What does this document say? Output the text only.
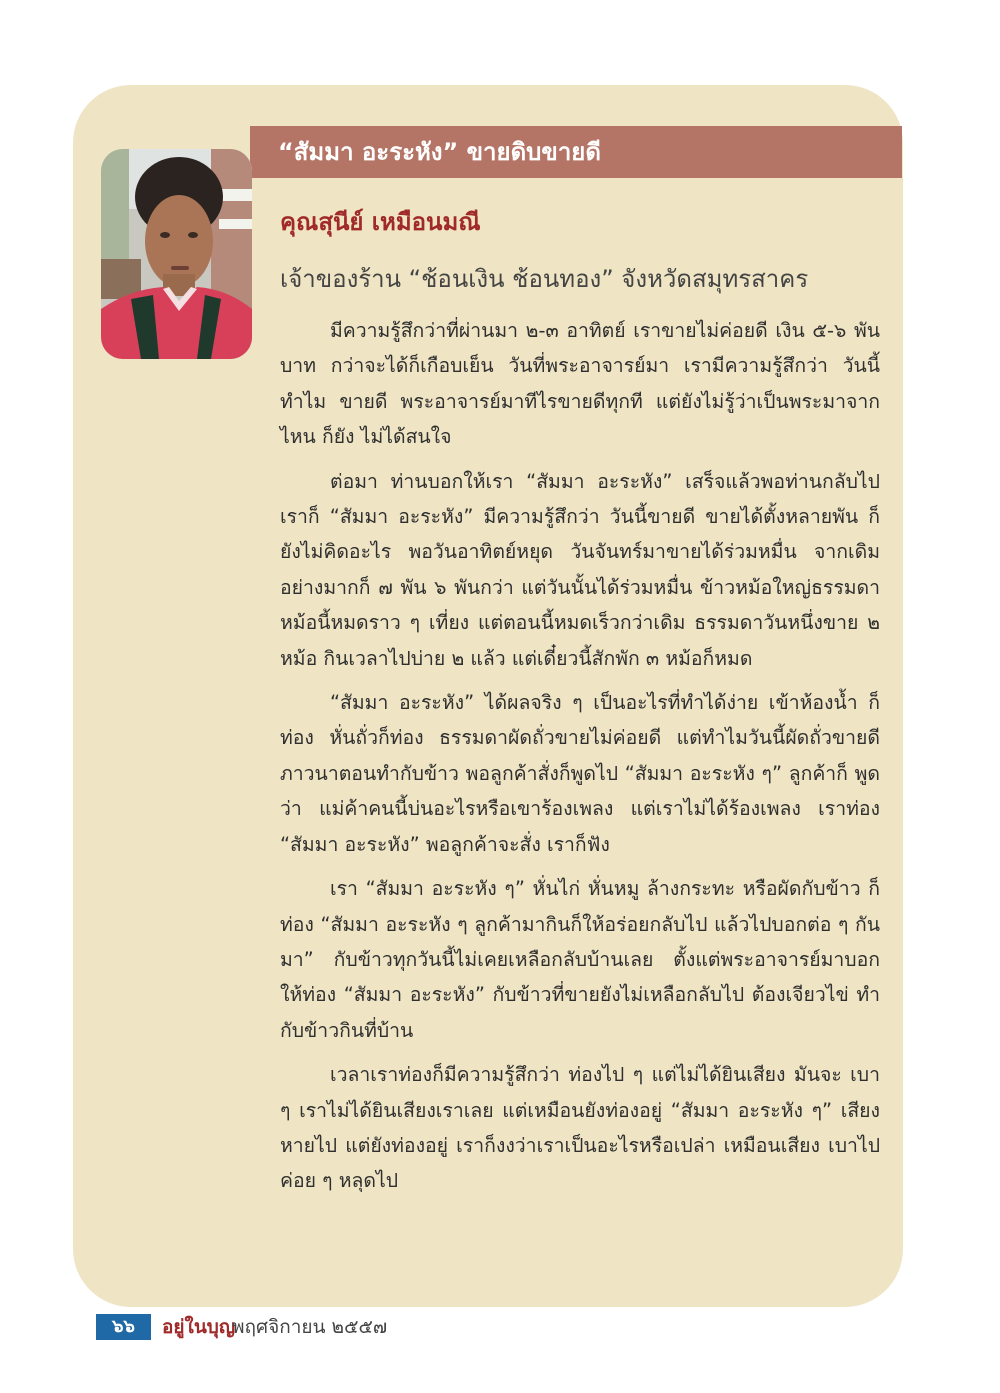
“สัมมา อะระหัง” ขายดิบขายดี
คุณสุนีย์ เหมือนมณี
เจ้าของร้าน “ช้อนเงิน ช้อนทอง” จังหวัดสมุทรสาคร

มีความรู้สึกว่าที่ผ่านมา ๒-๓ อาทิตย์ เราขายไม่ค่อยดี เงิน ๕-๖ พันบาท กว่าจะได้ก็เกือบเย็น วันที่พระอาจารย์มา เรามีความรู้สึกว่า วันนี้ทำไม ขายดี พระอาจารย์มาทีไรขายดีทุกที แต่ยังไม่รู้ว่าเป็นพระมาจากไหน ก็ยัง ไม่ได้สนใจ

ต่อมา ท่านบอกให้เรา “สัมมา อะระหัง” เสร็จแล้วพอท่านกลับไป เราก็ “สัมมา อะระหัง” มีความรู้สึกว่า วันนี้ขายดี ขายได้ตั้งหลายพัน ก็ ยังไม่คิดอะไร พอวันอาทิตย์หยุด วันจันทร์มาขายได้ร่วมหมื่น จากเดิม อย่างมากก็ ๗ พัน ๖ พันกว่า แต่วันนั้นได้ร่วมหมื่น ข้าวหม้อใหญ่ธรรมดา หม้อนี้หมดราว ๆ เที่ยง แต่ตอนนี้หมดเร็วกว่าเดิม ธรรมดาวันหนึ่งขาย ๒ หม้อ กินเวลาไปบ่าย ๒ แล้ว แต่เดี๋ยวนี้สักพัก ๓ หม้อก็หมด

“สัมมา อะระหัง” ได้ผลจริง ๆ เป็นอะไรที่ทำได้ง่าย เข้าห้องน้ำ ก็ท่อง หั่นถั่วก็ท่อง ธรรมดาผัดถั่วขายไม่ค่อยดี แต่ทำไมวันนี้ผัดถั่วขายดี ภาวนาตอนทำกับข้าว พอลูกค้าสั่งก็พูดไป “สัมมา อะระหัง ๆ” ลูกค้าก็ พูดว่า แม่ค้าคนนี้บ่นอะไรหรือเขาร้องเพลง แต่เราไม่ได้ร้องเพลง เราท่อง “สัมมา อะระหัง” พอลูกค้าจะสั่ง เราก็ฟัง

เรา “สัมมา อะระหัง ๆ” หั่นไก่ หั่นหมู ล้างกระทะ หรือผัดกับข้าว ก็ท่อง “สัมมา อะระหัง ๆ ลูกค้ามากินก็ให้อร่อยกลับไป แล้วไปบอกต่อ ๆ กันมา” กับข้าวทุกวันนี้ไม่เคยเหลือกลับบ้านเลย ตั้งแต่พระอาจารย์มาบอก ให้ท่อง “สัมมา อะระหัง” กับข้าวที่ขายยังไม่เหลือกลับไป ต้องเจียวไข่ ทำกับข้าวกินที่บ้าน

เวลาเราท่องก็มีความรู้สึกว่า ท่องไป ๆ แต่ไม่ได้ยินเสียง มันจะ เบา ๆ เราไม่ได้ยินเสียงเราเลย แต่เหมือนยังท่องอยู่ “สัมมา อะระหัง ๆ” เสียงหายไป แต่ยังท่องอยู่ เราก็งงว่าเราเป็นอะไรหรือเปล่า เหมือนเสียง เบาไป ค่อย ๆ หลุดไป

๖๖	อยู่ในบุญ
พฤศจิกายน ๒๕๕๗
